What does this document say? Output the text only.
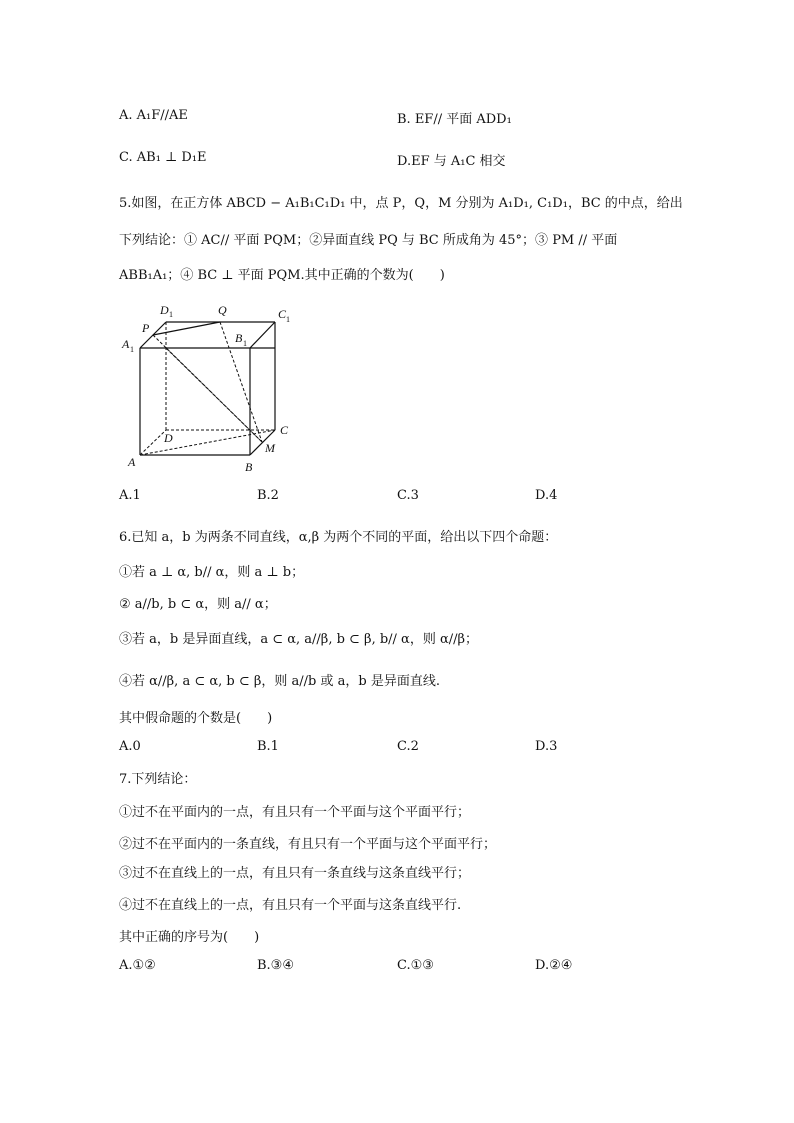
A. A₁F//AE	B. EF// 平面 ADD₁
C. AB₁ ⊥ D₁E	D.EF 与 A₁C 相交
5.如图，在正方体 ABCD − A₁B₁C₁D₁ 中，点 P，Q，M 分别为 A₁D₁, C₁D₁，BC 的中点，给出
下列结论：① AC// 平面 PQM；②异面直线 PQ 与 BC 所成角为 45°；③ PM // 平面
ABB₁A₁；④ BC ⊥ 平面 PQM.其中正确的个数为(　　)
D 1	Q	C 1
P
B 1
A 1
D
C
M
A	B
A.1	B.2	C.3	D.4
6.已知 a，b 为两条不同直线，α,β 为两个不同的平面，给出以下四个命题：
①若 a ⊥ α, b// α，则 a ⊥ b；
② a//b, b ⊂ α，则 a// α；
③若 a，b 是异面直线，a ⊂ α, a//β, b ⊂ β, b// α，则 α//β；
④若 α//β, a ⊂ α, b ⊂ β，则 a//b 或 a，b 是异面直线.
其中假命题的个数是(　　)
A.0	B.1	C.2	D.3
7.下列结论：
①过不在平面内的一点，有且只有一个平面与这个平面平行；
②过不在平面内的一条直线，有且只有一个平面与这个平面平行；
③过不在直线上的一点，有且只有一条直线与这条直线平行；
④过不在直线上的一点，有且只有一个平面与这条直线平行.
其中正确的序号为(　　)
A.①②	B.③④	C.①③	D.②④
